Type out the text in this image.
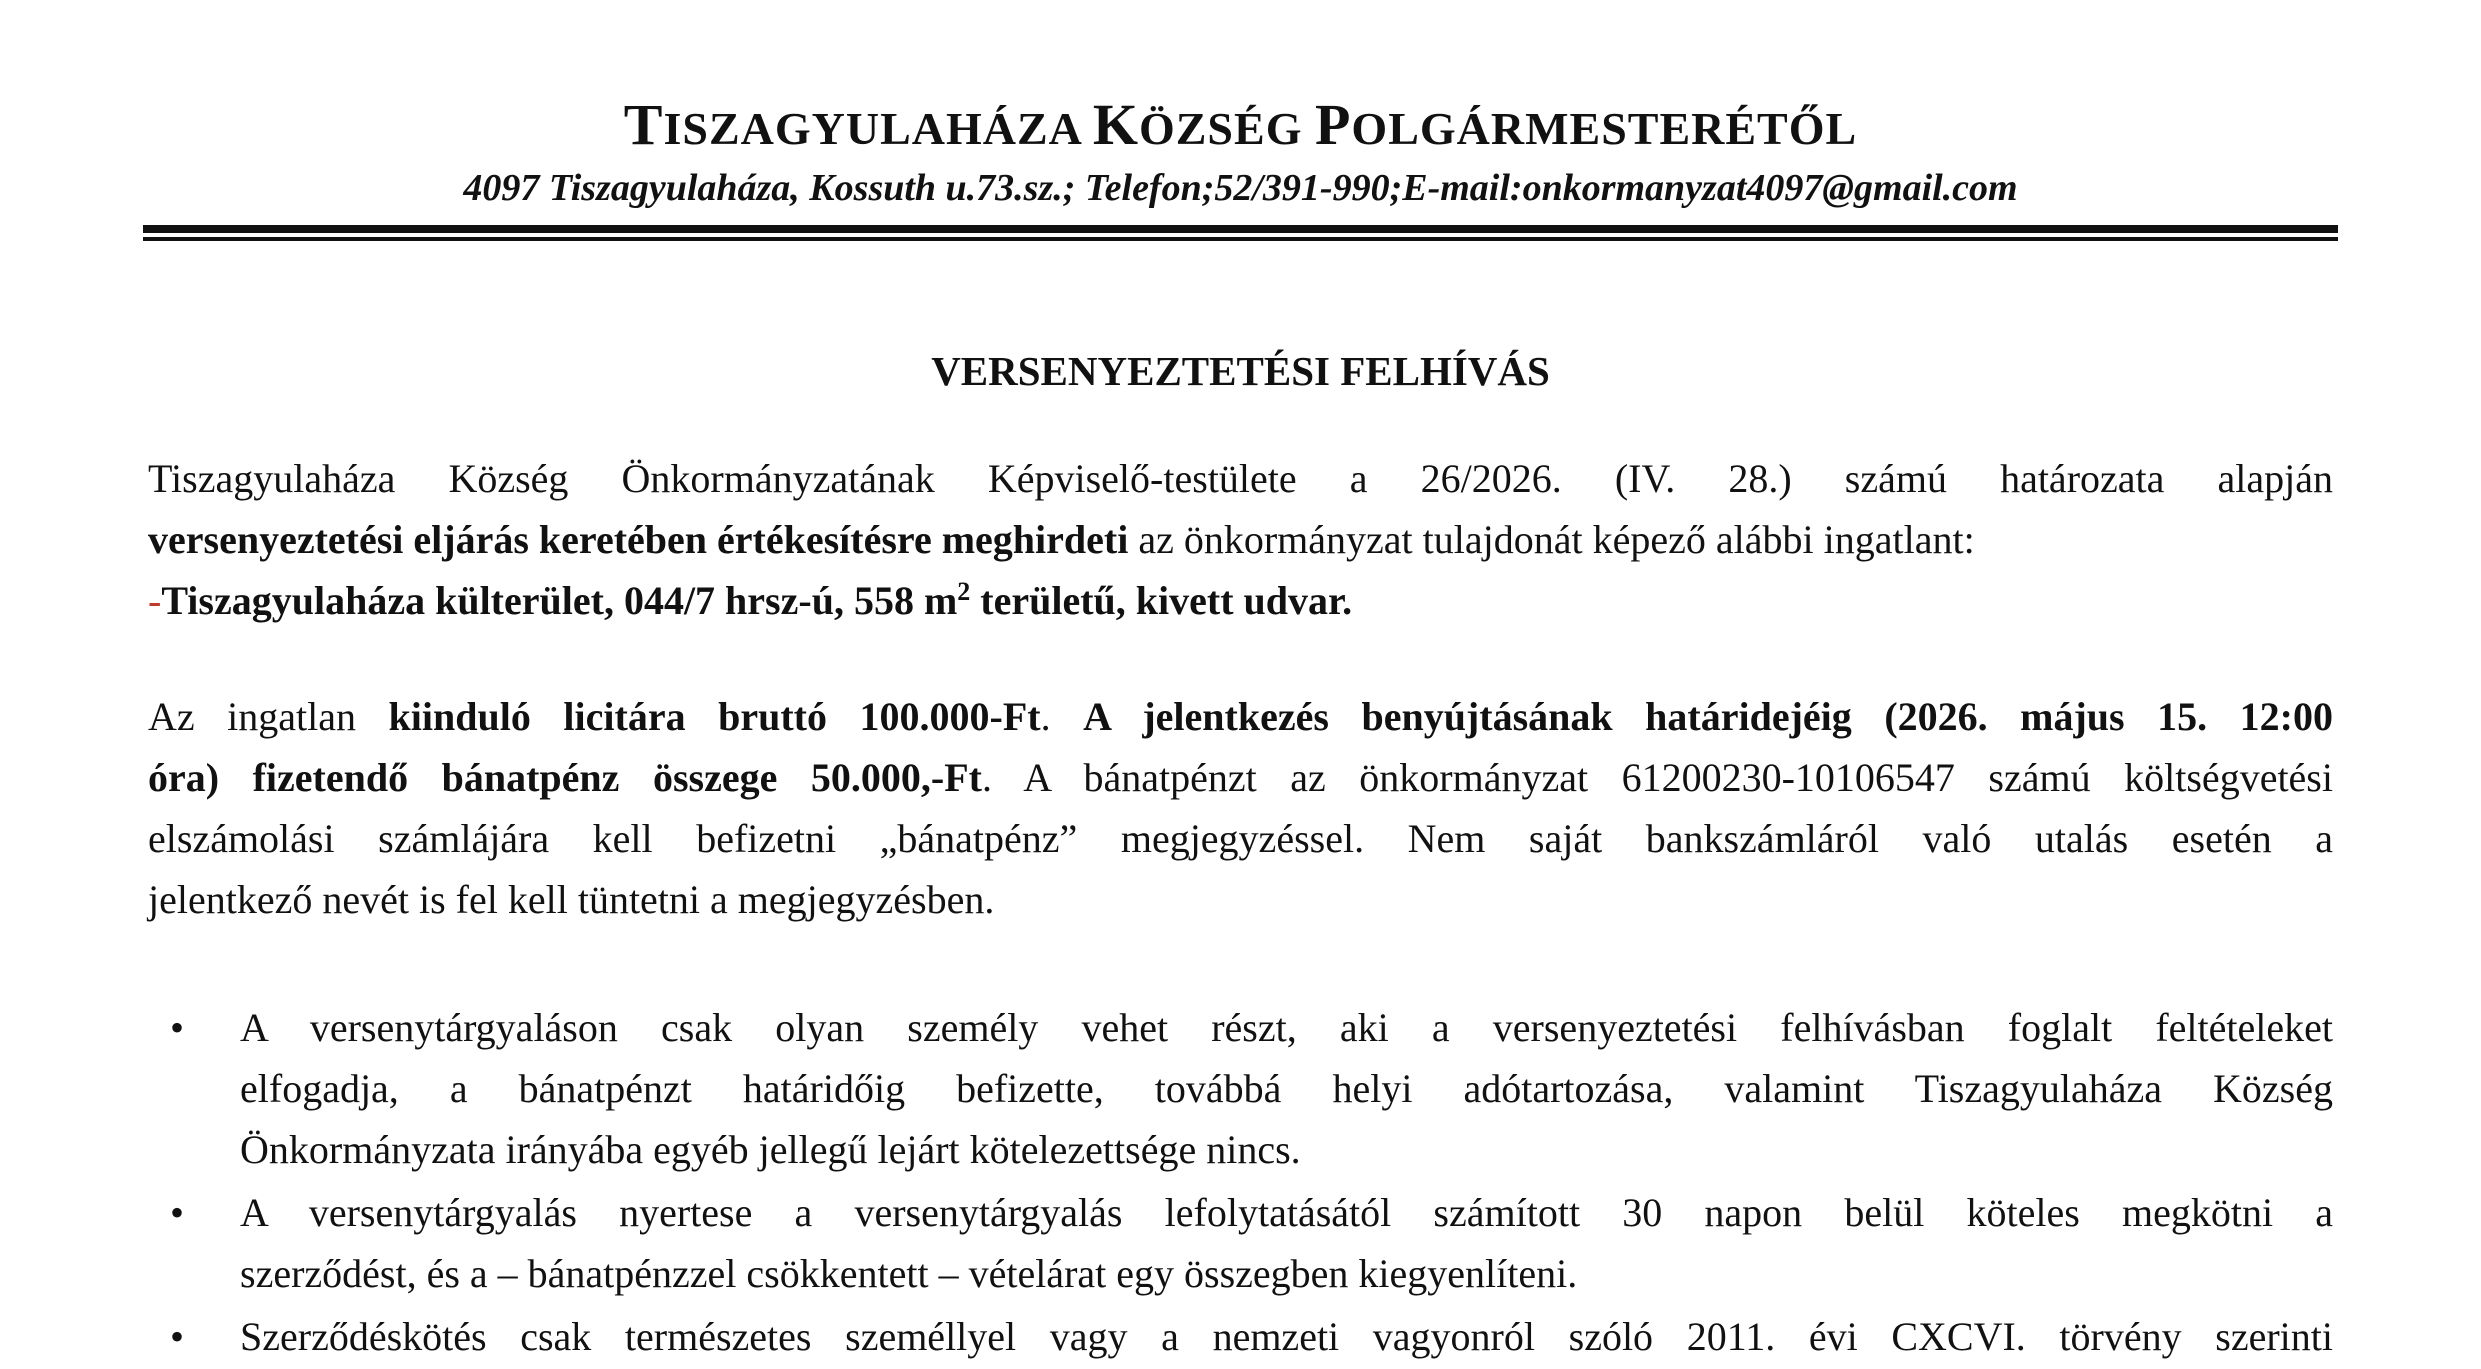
TISZAGYULAHÁZA KÖZSÉG POLGÁRMESTERÉTŐL
4097 Tiszagyulaháza, Kossuth u.73.sz.; Telefon;52/391-990;E-mail:onkormanyzat4097@gmail.com
VERSENYEZTETÉSI FELHÍVÁS
Tiszagyulaháza Község Önkormányzatának Képviselő-testülete a 26/2026. (IV. 28.) számú határozata alapján
versenyeztetési eljárás keretében értékesítésre meghirdeti az önkormányzat tulajdonát képező alábbi ingatlant:
-Tiszagyulaháza külterület, 044/7 hrsz-ú, 558 $m^2$ területű, kivett udvar.
Az ingatlan kiinduló licitára bruttó 100.000-Ft. A jelentkezés benyújtásának határidejéig (2026. május 15. 12:00
óra) fizetendő bánatpénz összege 50.000,-Ft. A bánatpénzt az önkormányzat 61200230-10106547 számú költségvetési
elszámolási számlájára kell befizetni „bánatpénz” megjegyzéssel. Nem saját bankszámláról való utalás esetén a
jelentkező nevét is fel kell tüntetni a megjegyzésben.
• A versenytárgyaláson csak olyan személy vehet részt, aki a versenyeztetési felhívásban foglalt feltételeket
elfogadja, a bánatpénzt határidőig befizette, továbbá helyi adótartozása, valamint Tiszagyulaháza Község
Önkormányzata irányába egyéb jellegű lejárt kötelezettsége nincs.
• A versenytárgyalás nyertese a versenytárgyalás lefolytatásától számított 30 napon belül köteles megkötni a
szerződést, és a – bánatpénzzel csökkentett – vételárat egy összegben kiegyenlíteni.
• Szerződéskötés csak természetes személlyel vagy a nemzeti vagyonról szóló 2011. évi CXCVI. törvény szerinti
